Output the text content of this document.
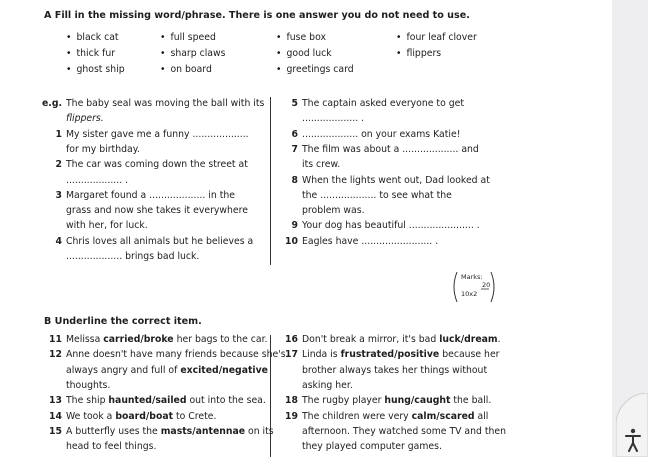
A Fill in the missing word/phrase. There is one answer you do not need to use.
• black cat	• full speed	• fuse box	• four leaf clover
• thick fur	• sharp claws	• good luck	• flippers
• ghost ship	• on board	• greetings card
e.g. The baby seal was moving the ball with its
flippers.
1 My sister gave me a funny ...................
for my birthday.
2 The car was coming down the street at
................... .
3 Margaret found a ................... in the
grass and now she takes it everywhere
with her, for luck.
4 Chris loves all animals but he believes a
................... brings bad luck.
5 The captain asked everyone to get
................... .
6 ................... on your exams Katie!
7 The film was about a ................... and
its crew.
8 When the lights went out, Dad looked at
the ................... to see what the
problem was.
9 Your dog has beautiful ...................... .
10 Eagles have ........................ .
Marks:
10x2
20
B Underline the correct item.
11 Melissa carried/broke her bags to the car.
12 Anne doesn't have many friends because she's
always angry and full of excited/negative
thoughts.
13 The ship haunted/sailed out into the sea.
14 We took a board/boat to Crete.
15 A butterfly uses the masts/antennae on its
head to feel things.
16 Don't break a mirror, it's bad luck/dream.
17 Linda is frustrated/positive because her
brother always takes her things without
asking her.
18 The rugby player hung/caught the ball.
19 The children were very calm/scared all
afternoon. They watched some TV and then
they played computer games.
